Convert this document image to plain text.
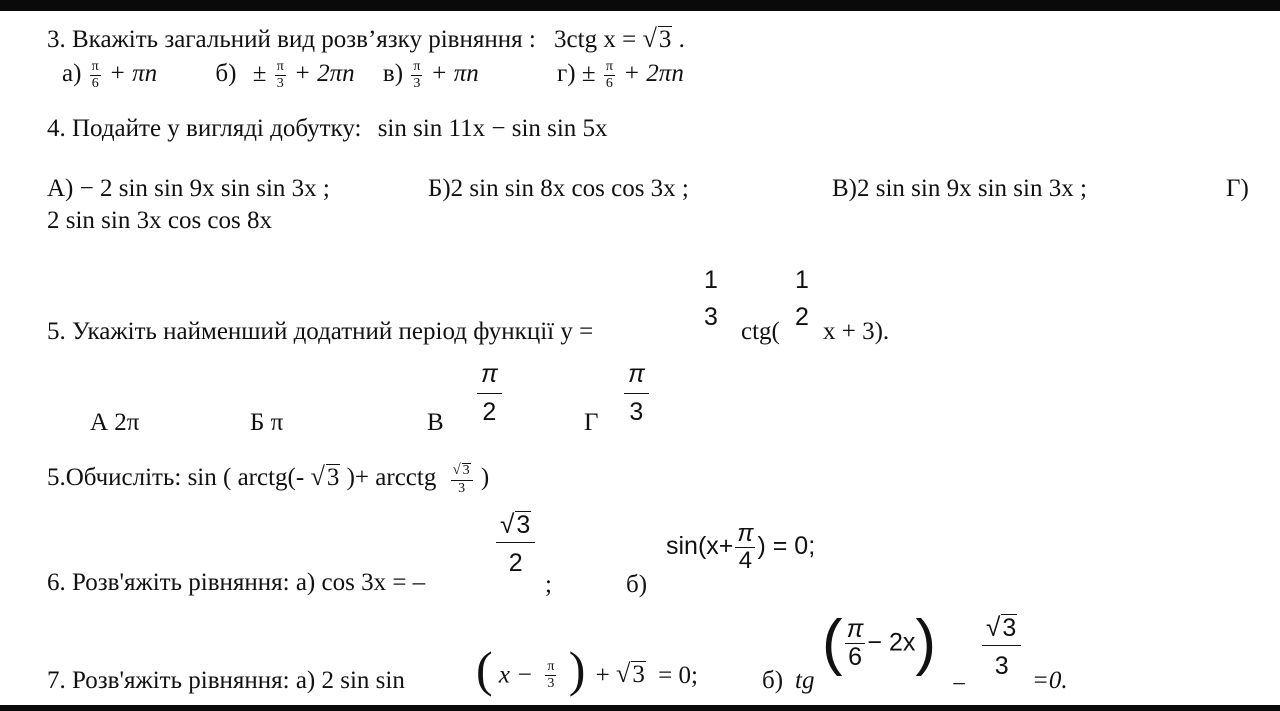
3. Вкажіть загальний вид розв’язку рівняння : 3ctg x = √ 3 .
$а) \frac{\pi}{6} + \pi n$ $б) \pm \frac{\pi}{3} + 2\pi n$ $в) \frac{\pi}{3} + \pi n$	$г) \pm \frac{\pi}{6} + 2\pi n$
4. Подайте у вигляді добутку: sin sin 11x − sin sin 5x
А) − 2 sin sin 9x sin sin 3x ;	Б)2 sin sin 8x cos cos 3x ;	В)2 sin sin 9x sin sin 3x ;	Г)
2 sin sin 3x cos cos 8x
5. Укажіть найменший додатний період функції y =
1
3
ctg(
1
2
x + 3).
А 2π	Б π	В $\frac{\pi}{2}$	Г $\frac{\pi}{3}$
5.Обчисліть: sin ( arctg(- √ 3 )+ arcctg $\frac{√ 3}{3}$ )
6. Розв'яжіть рівняння: а) cos 3x = –
$\frac{√ 3}{2}$
;	б)
$\sin(x+ \frac{\pi}{4}$ ) = 0;
7. Розв'яжіть рівняння: а) 2 sin sin ( $x - \frac{\pi}{3}$ ) + √ 3 = 0;	б) tg
( $\frac{\pi}{6} - 2x$)
−
$\frac{√ 3}{3}$
=0.
